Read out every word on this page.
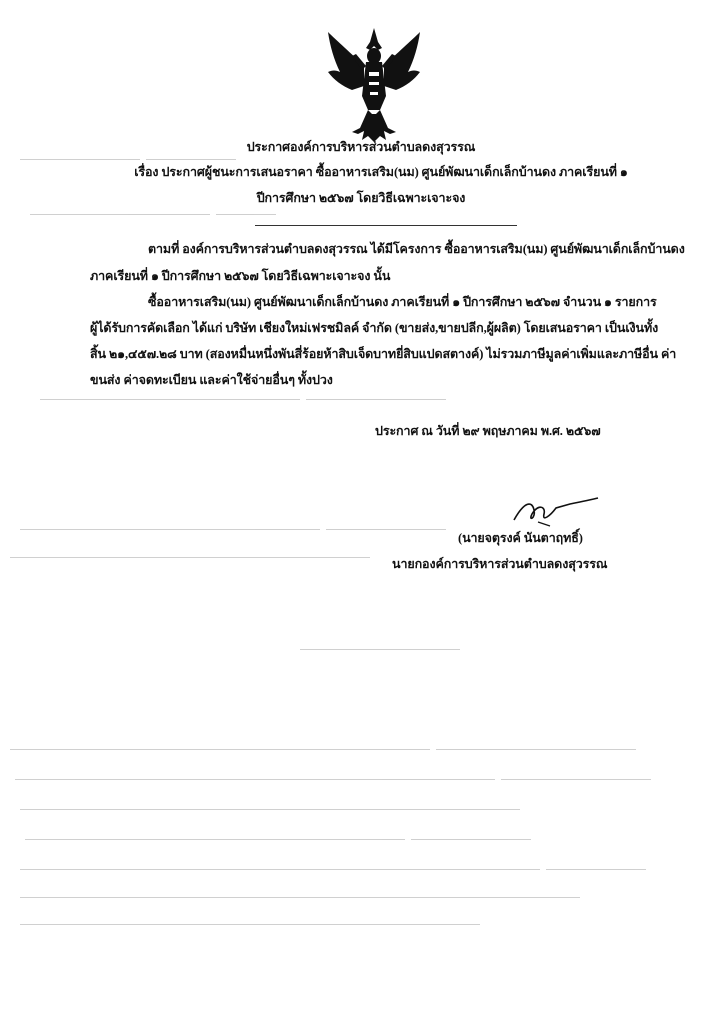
ประกาศองค์การบริหารส่วนตำบลดงสุวรรณ
เรื่อง ประกาศผู้ชนะการเสนอราคา ซื้ออาหารเสริม(นม) ศูนย์พัฒนาเด็กเล็กบ้านดง ภาคเรียนที่ ๑
ปีการศึกษา ๒๕๖๗ โดยวิธีเฉพาะเจาะจง
ตามที่ องค์การบริหารส่วนตำบลดงสุวรรณ ได้มีโครงการ ซื้ออาหารเสริม(นม) ศูนย์พัฒนาเด็กเล็กบ้านดง
ภาคเรียนที่ ๑ ปีการศึกษา ๒๕๖๗ โดยวิธีเฉพาะเจาะจง นั้น
ซื้ออาหารเสริม(นม) ศูนย์พัฒนาเด็กเล็กบ้านดง ภาคเรียนที่ ๑ ปีการศึกษา ๒๕๖๗ จำนวน ๑ รายการ
ผู้ได้รับการคัดเลือก ได้แก่ บริษัท เชียงใหม่เฟรชมิลค์ จำกัด (ขายส่ง,ขายปลีก,ผู้ผลิต) โดยเสนอราคา เป็นเงินทั้ง
สิ้น ๒๑,๔๕๗.๒๘ บาท (สองหมื่นหนึ่งพันสี่ร้อยห้าสิบเจ็ดบาทยี่สิบแปดสตางค์) ไม่รวมภาษีมูลค่าเพิ่มและภาษีอื่น ค่า
ขนส่ง ค่าจดทะเบียน และค่าใช้จ่ายอื่นๆ ทั้งปวง
ประกาศ ณ วันที่ ๒๙ พฤษภาคม พ.ศ. ๒๕๖๗
(นายจตุรงค์ นันตาฤทธิ์)
นายกองค์การบริหารส่วนตำบลดงสุวรรณ
